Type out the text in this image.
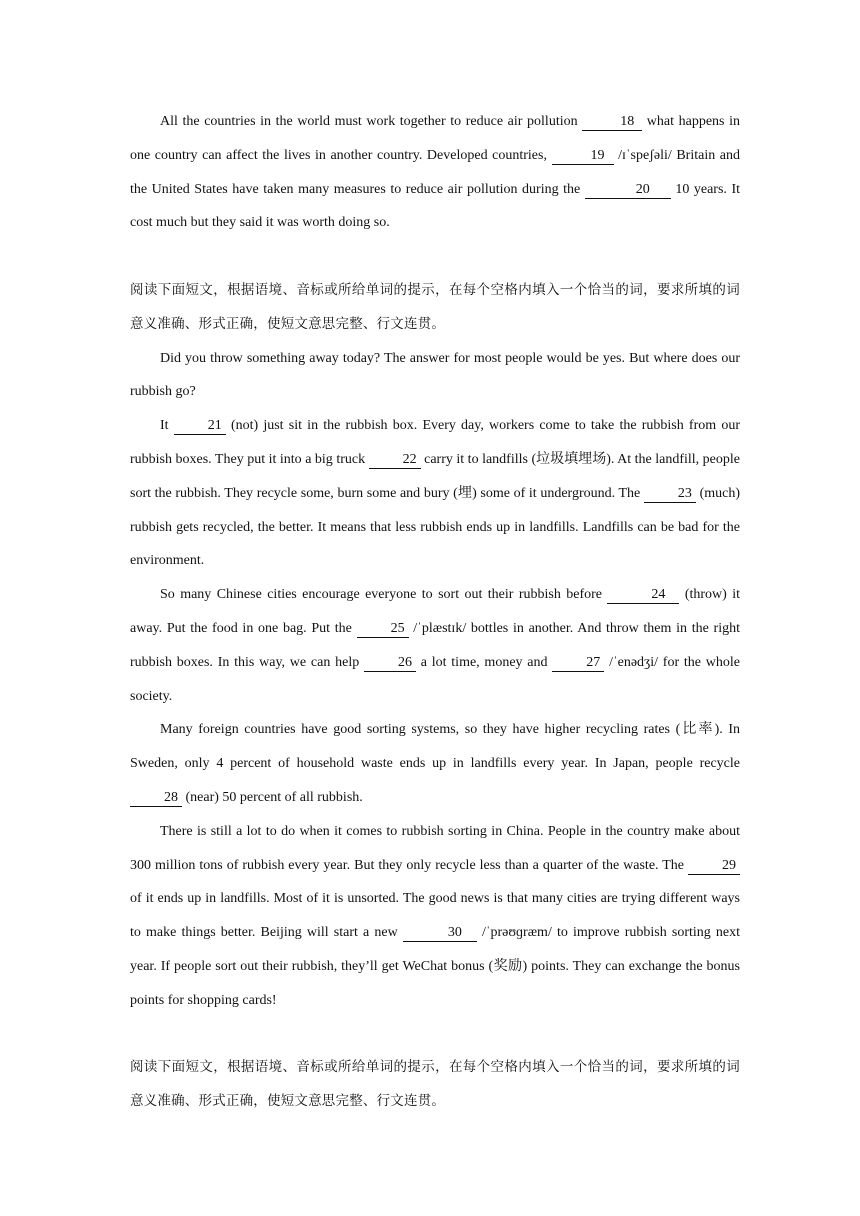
All the countries in the world must work together to reduce air pollution	18 what happens in one country can affect the lives in another country. Developed countries,	19 /ɪˈspeʃəli/ Britain and the United States have taken many measures to reduce air pollution during the	20 10 years. It cost much but they said it was worth doing so.

阅读下面短文，根据语境、音标或所给单词的提示，在每个空格内填入一个恰当的词，要求所填的词意义准确、形式正确，使短文意思完整、行文连贯。

Did you throw something away today? The answer for most people would be yes. But where does our rubbish go?

It 21 (not) just sit in the rubbish box. Every day, workers come to take the rubbish from our rubbish boxes. They put it into a big truck 22 carry it to landfills (垃圾填埋场). At the landfill, people sort the rubbish. They recycle some, burn some and bury (埋) some of it underground. The 23 (much) rubbish gets recycled, the better. It means that less rubbish ends up in landfills. Landfills can be bad for the environment.

So many Chinese cities encourage everyone to sort out their rubbish before	24 (throw) it away. Put the food in one bag. Put the 25 /ˈplæstɪk/ bottles in another. And throw them in the right rubbish boxes. In this way, we can help 26 a lot time, money and 27 /ˈenədʒi/ for the whole society.

Many foreign countries have good sorting systems, so they have higher recycling rates (比率). In Sweden, only 4 percent of household waste ends up in landfills every year. In Japan, people recycle 28 (near) 50 percent of all rubbish.

There is still a lot to do when it comes to rubbish sorting in China. People in the country make about 300 million tons of rubbish every year. But they only recycle less than a quarter of the waste. The 29 of it ends up in landfills. Most of it is unsorted. The good news is that many cities are trying different ways to make things better. Beijing will start a new	30 /ˈprəʊɡræm/ to improve rubbish sorting next year. If people sort out their rubbish, they’ll get WeChat bonus (奖励) points. They can exchange the bonus points for shopping cards!

阅读下面短文，根据语境、音标或所给单词的提示，在每个空格内填入一个恰当的词，要求所填的词意义准确、形式正确，使短文意思完整、行文连贯。
